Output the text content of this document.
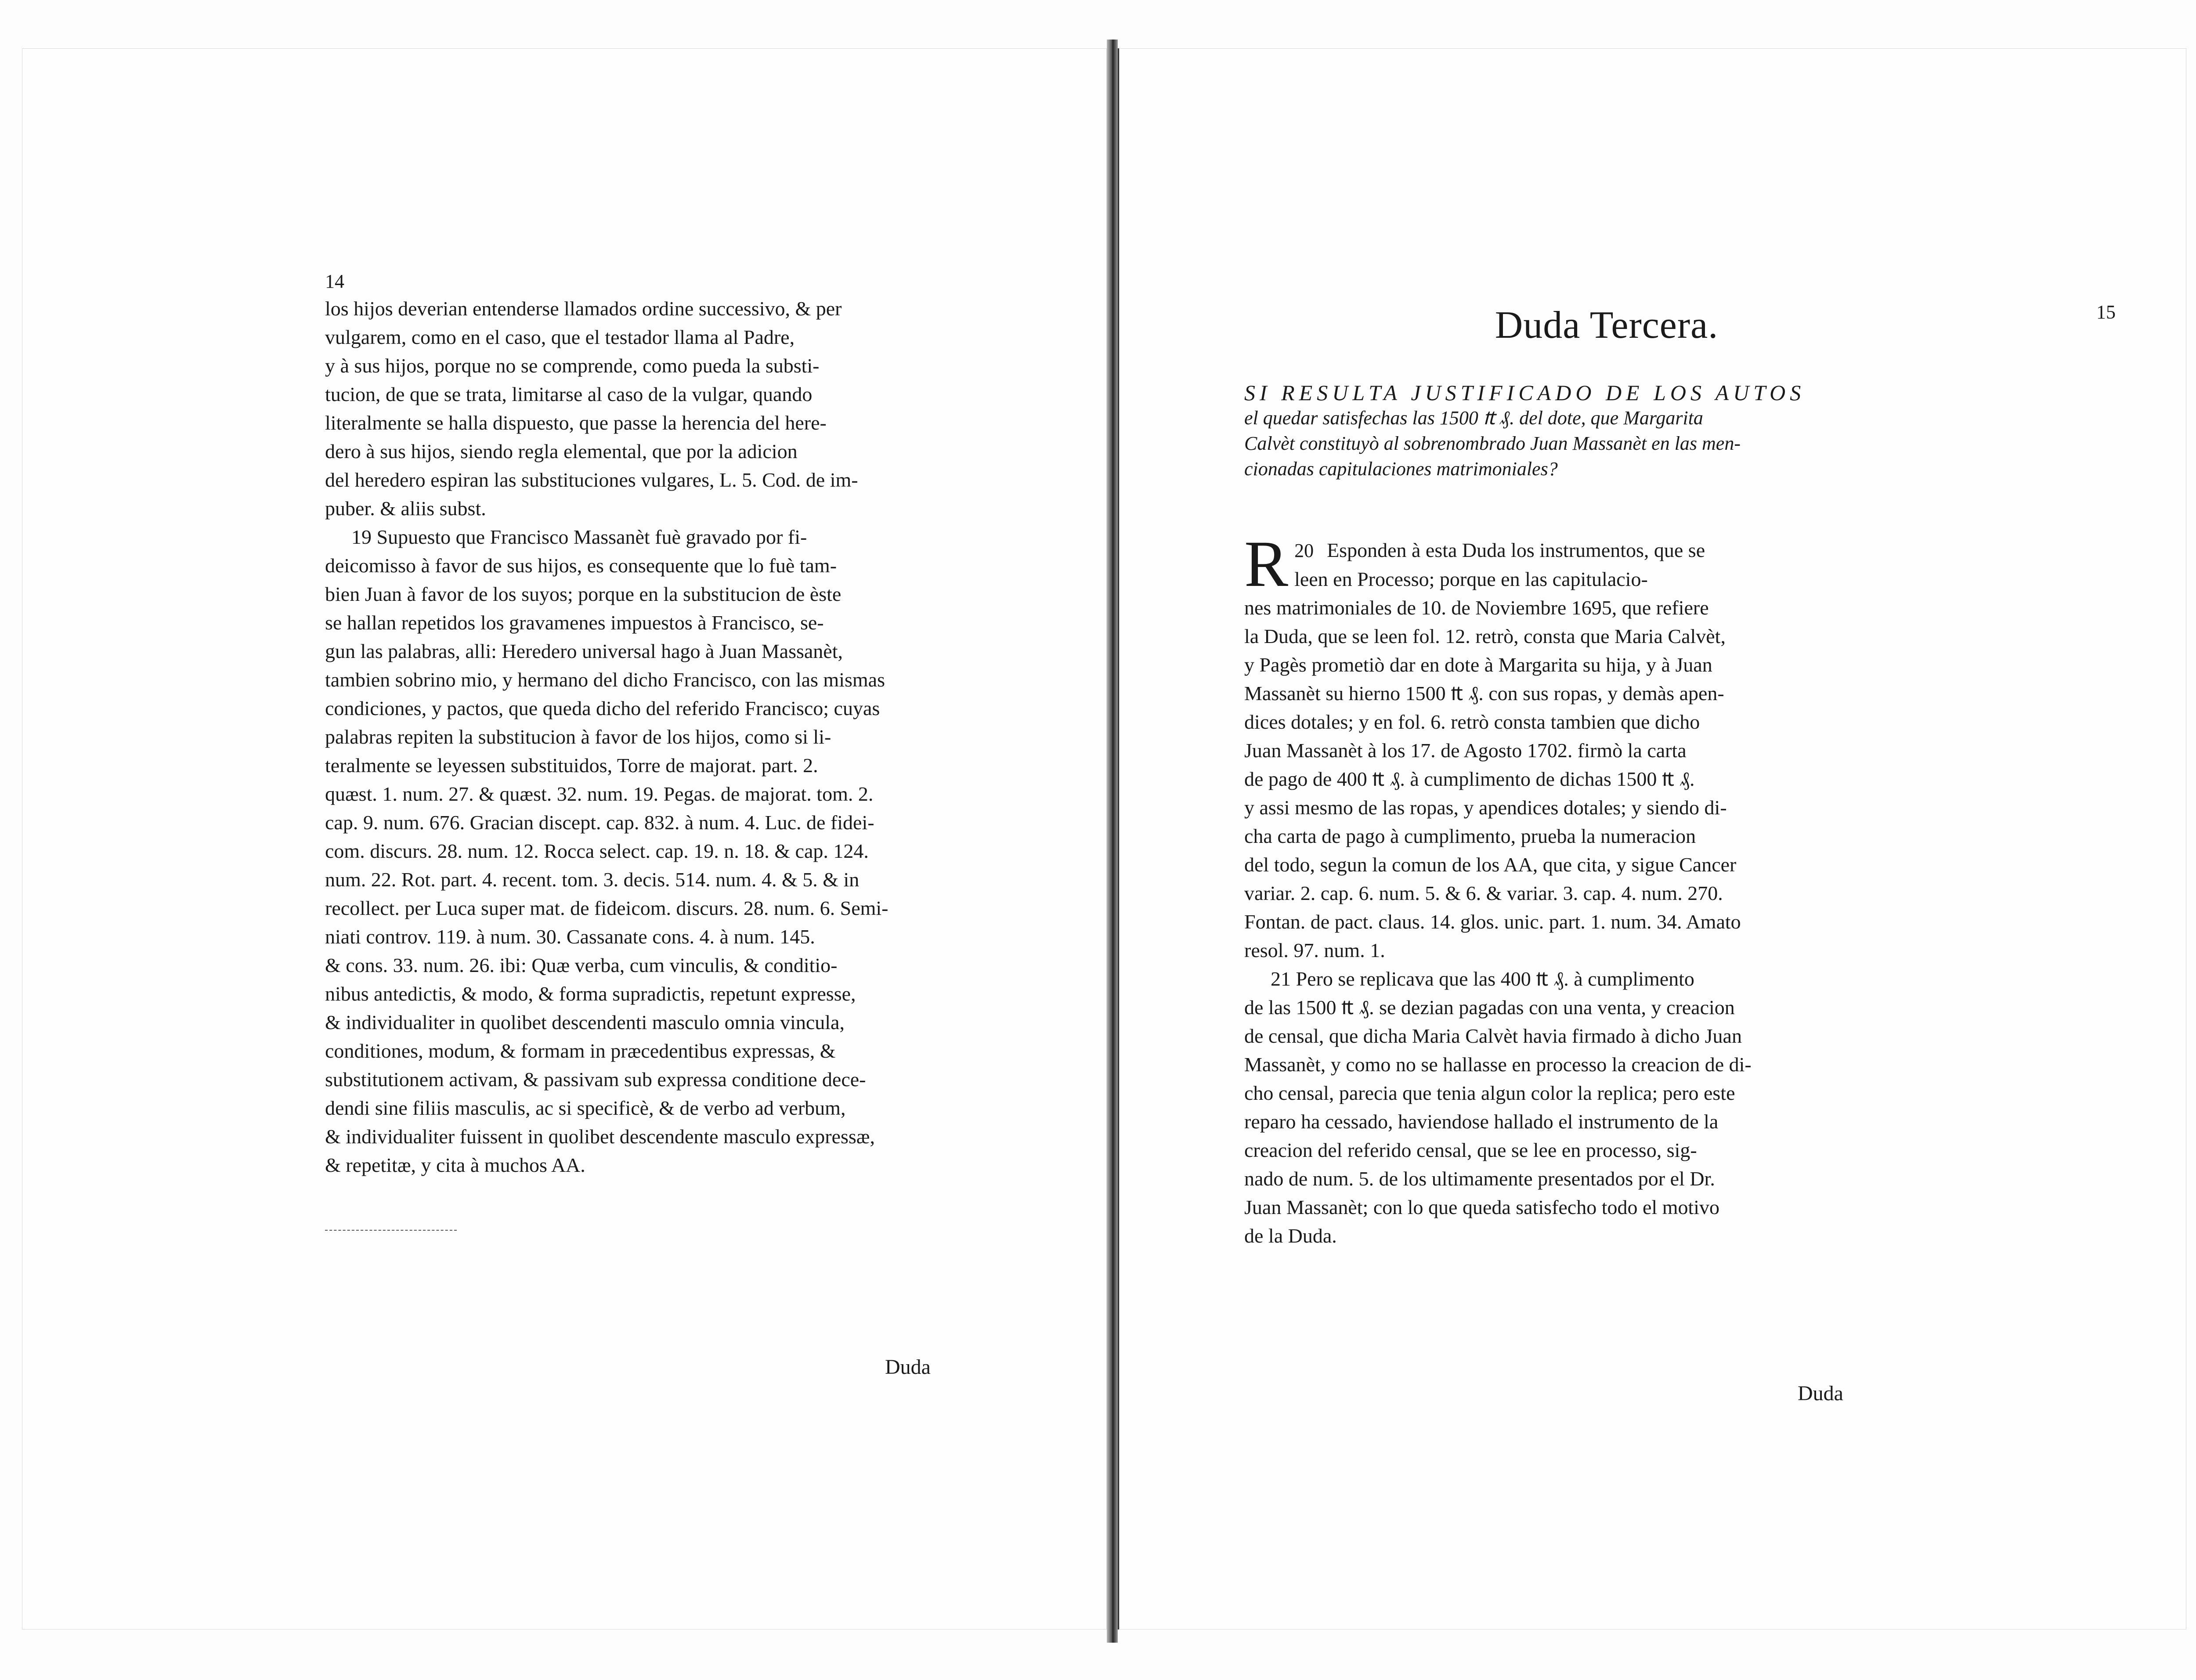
14

los hijos deverian entenderse llamados ordine successivo, & per

vulgarem, como en el caso, que el testador llama al Padre,

y à sus hijos, porque no se comprende, como pueda la substi-

tucion, de que se trata, limitarse al caso de la vulgar, quando

literalmente se halla dispuesto, que passe la herencia del here-

dero à sus hijos, siendo regla elemental, que por la adicion

del heredero espiran las substituciones vulgares, L. 5. Cod. de im-

puber. & aliis subst.

19 Supuesto que Francisco Massanèt fuè gravado por fi-

deicomisso à favor de sus hijos, es consequente que lo fuè tam-

bien Juan à favor de los suyos; porque en la substitucion de èste

se hallan repetidos los gravamenes impuestos à Francisco, se-

gun las palabras, alli: Heredero universal hago à Juan Massanèt,

tambien sobrino mio, y hermano del dicho Francisco, con las mismas

condiciones, y pactos, que queda dicho del referido Francisco; cuyas

palabras repiten la substitucion à favor de los hijos, como si li-

teralmente se leyessen substituidos, Torre de majorat. part. 2.

quæst. 1. num. 27. & quæst. 32. num. 19. Pegas. de majorat. tom. 2.

cap. 9. num. 676. Gracian discept. cap. 832. à num. 4. Luc. de fidei-

com. discurs. 28. num. 12. Rocca select. cap. 19. n. 18. & cap. 124.

num. 22. Rot. part. 4. recent. tom. 3. decis. 514. num. 4. & 5. & in

recollect. per Luca super mat. de fideicom. discurs. 28. num. 6. Semi-

niati controv. 119. à num. 30. Cassanate cons. 4. à num. 145.

& cons. 33. num. 26. ibi: Quæ verba, cum vinculis, & conditio-

nibus antedictis, & modo, & forma supradictis, repetunt expresse,

& individualiter in quolibet descendenti masculo omnia vincula,

conditiones, modum, & formam in præcedentibus expressas, &

substitutionem activam, & passivam sub expressa conditione dece-

dendi sine filiis masculis, ac si specificè, & de verbo ad verbum,

& individualiter fuissent in quolibet descendente masculo expressæ,

& repetitæ, y cita à muchos AA.

Duda
15
Duda Tercera.
SI RESULTA JUSTIFICADO DE LOS AUTOS
el quedar satisfechas las 1500 ₶ ₰. del dote, que Margarita
Calvèt constituyò al sobrenombrado Juan Massanèt en las men-
cionadas capitulaciones matrimoniales?

20
R Esponden à esta Duda los instrumentos, que se

leen en Processo; porque en las capitulacio-

nes matrimoniales de 10. de Noviembre 1695, que refiere

la Duda, que se leen fol. 12. retrò, consta que Maria Calvèt,

y Pagès prometiò dar en dote à Margarita su hija, y à Juan

Massanèt su hierno 1500 ₶ ₰. con sus ropas, y demàs apen-

dices dotales; y en fol. 6. retrò consta tambien que dicho

Juan Massanèt à los 17. de Agosto 1702. firmò la carta

de pago de 400 ₶ ₰. à cumplimento de dichas 1500 ₶ ₰.

y assi mesmo de las ropas, y apendices dotales; y siendo di-

cha carta de pago à cumplimento, prueba la numeracion

del todo, segun la comun de los AA, que cita, y sigue Cancer

variar. 2. cap. 6. num. 5. & 6. & variar. 3. cap. 4. num. 270.

Fontan. de pact. claus. 14. glos. unic. part. 1. num. 34. Amato

resol. 97. num. 1.

21 Pero se replicava que las 400 ₶ ₰. à cumplimento

de las 1500 ₶ ₰. se dezian pagadas con una venta, y creacion

de censal, que dicha Maria Calvèt havia firmado à dicho Juan

Massanèt, y como no se hallasse en processo la creacion de di-

cho censal, parecia que tenia algun color la replica; pero este

reparo ha cessado, haviendose hallado el instrumento de la

creacion del referido censal, que se lee en processo, sig-

nado de num. 5. de los ultimamente presentados por el Dr.

Juan Massanèt; con lo que queda satisfecho todo el motivo

de la Duda.

Duda
